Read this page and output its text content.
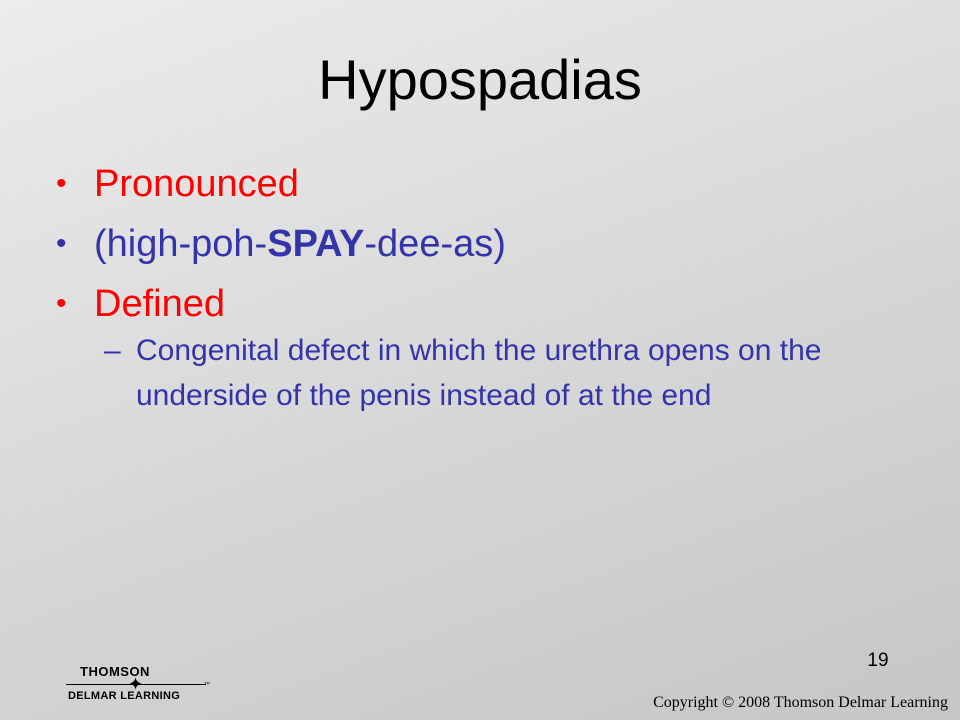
Hypospadias
• Pronounced
• (high-poh-SPAY-dee-as)
• Defined
– Congenital defect in which the urethra opens on the underside of the penis instead of at the end
19
THOMSON
✦
DELMAR LEARNING
™
Copyright © 2008 Thomson Delmar Learning
